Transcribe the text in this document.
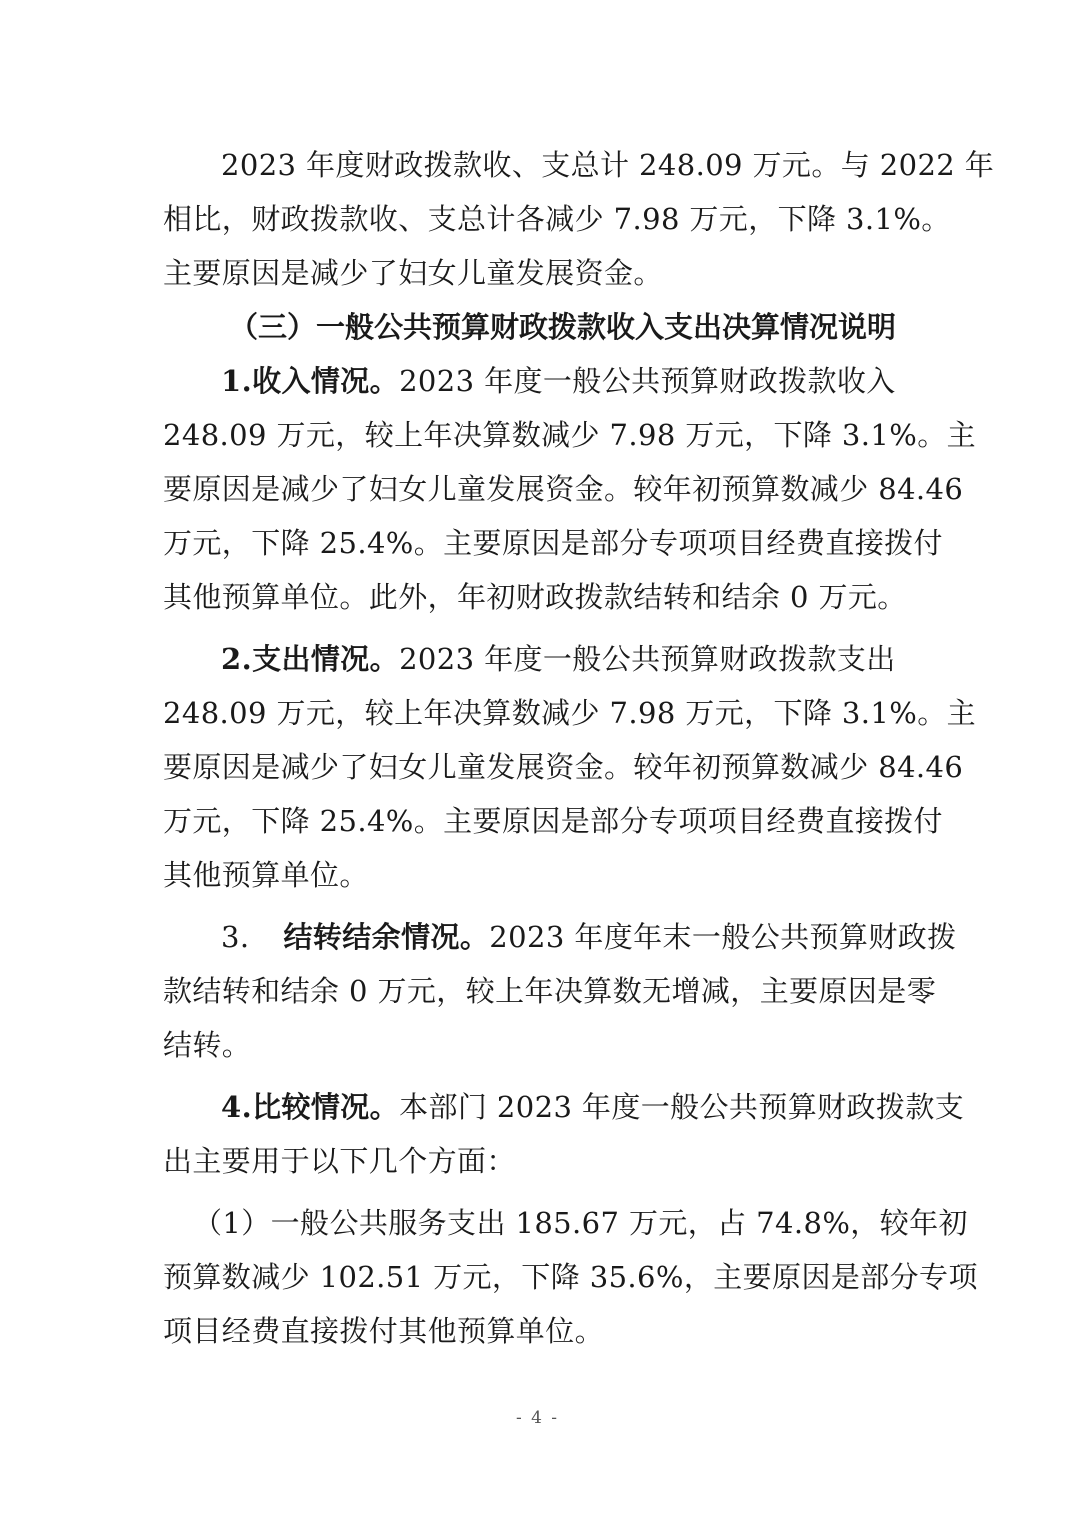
2023 年度财政拨款收、支总计 248.09 万元。与 2022 年
相比，财政拨款收、支总计各减少 7.98 万元，下降 3.1%。
主要原因是减少了妇女儿童发展资金。

（三）一般公共预算财政拨款收入支出决算情况说明

1.收入情况。2023 年度一般公共预算财政拨款收入
248.09 万元，较上年决算数减少 7.98 万元，下降 3.1%。主
要原因是减少了妇女儿童发展资金。较年初预算数减少 84.46
万元，下降 25.4%。主要原因是部分专项项目经费直接拨付
其他预算单位。此外，年初财政拨款结转和结余 0 万元。

2.支出情况。2023 年度一般公共预算财政拨款支出
248.09 万元，较上年决算数减少 7.98 万元，下降 3.1%。主
要原因是减少了妇女儿童发展资金。较年初预算数减少 84.46
万元，下降 25.4%。主要原因是部分专项项目经费直接拨付
其他预算单位。

3. 结转结余情况。2023 年度年末一般公共预算财政拨
款结转和结余 0 万元，较上年决算数无增减，主要原因是零
结转。

4.比较情况。本部门 2023 年度一般公共预算财政拨款支
出主要用于以下几个方面：

（1）一般公共服务支出 185.67 万元，占 74.8%，较年初
预算数减少 102.51 万元，下降 35.6%，主要原因是部分专项
项目经费直接拨付其他预算单位。

- 4 -
